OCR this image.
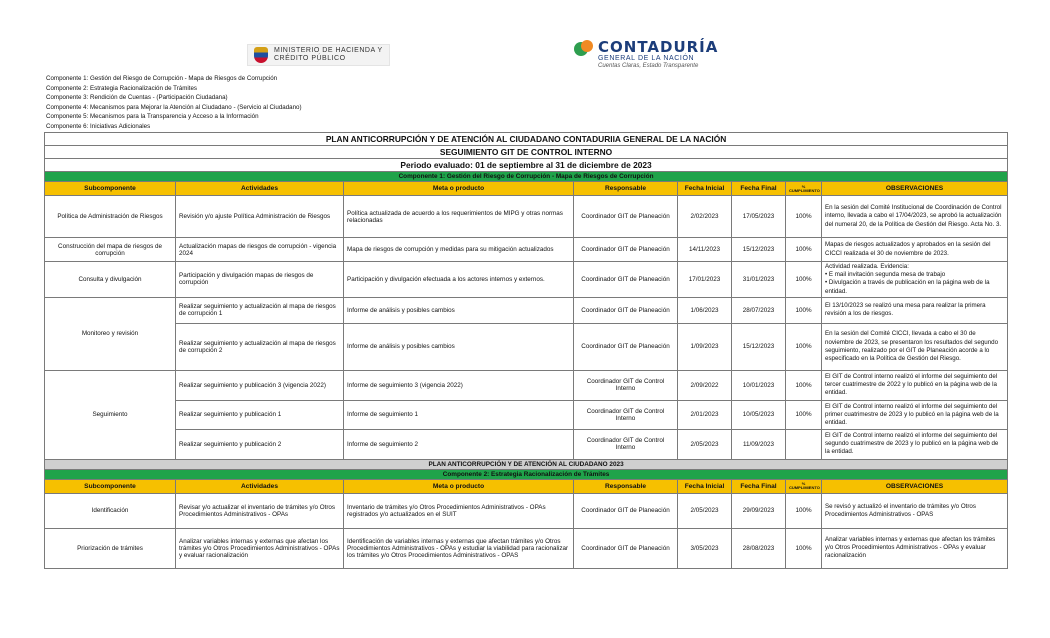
MINISTERIO DE HACIENDA Y
CRÉDITO PÚBLICO
CONTADURÍA
GENERAL DE LA NACIÓN
Cuentas Claras, Estado Transparente
Componente 1: Gestión del Riesgo de Corrupción - Mapa de Riesgos de Corrupción
Componente 2: Estrategia Racionalización de Trámites
Componente 3: Rendición de Cuentas - (Participación Ciudadana)
Componente 4: Mecanismos para Mejorar la Atención al Ciudadano - (Servicio al Ciudadano)
Componente 5: Mecanismos para la Transparencia y Acceso a la Información
Componente 6: Iniciativas Adicionales
PLAN ANTICORRUPCIÓN Y DE ATENCIÓN AL CIUDADANO CONTADURIIA GENERAL DE LA NACIÓN							
SEGUIMIENTO GIT DE CONTROL INTERNO							
Periodo evaluado: 01 de septiembre al 31 de diciembre de 2023							
Componente 1: Gestión del Riesgo de Corrupción - Mapa de Riesgos de Corrupción							
Subcomponente	Actividades	Meta o producto	Responsable	Fecha Inicial	Fecha Final	% CUMPLIMIENTO	OBSERVACIONES
Política de Administración de Riesgos	Revisión y/o ajuste Política Administración de Riesgos	Política actualizada de acuerdo a los requerimientos de MIPG y otras normas relacionadas	Coordinador GIT de Planeación	2/02/2023	17/05/2023	100%	En la sesión del Comité Institucional de Coordinación de Control interno, llevada a cabo el 17/04/2023, se aprobó la actualización del numeral 20, de la Política de Gestión del Riesgo. Acta No. 3.
Construcción del mapa de riesgos de corrupción	Actualización mapas de riesgos de corrupción - vigencia 2024	Mapa de riesgos de corrupción y medidas para su mitigación actualizados	Coordinador GIT de Planeación	14/11/2023	15/12/2023	100%	Mapas de riesgos actualizados y aprobados en la sesión del CICCI realizada el 30 de noviembre de 2023.
Consulta y divulgación	Participación y divulgación mapas de riesgos de corrupción	Participación y divulgación efectuada a los actores internos y externos.	Coordinador GIT de Planeación	17/01/2023	31/01/2023	100%	Actividad realizada. Evidencia:
• E mail invitación segunda mesa de trabajo
• Divulgación a través de publicación en la página web de la entidad.
Monitoreo y revisión	Realizar seguimiento y actualización al mapa de riesgos de corrupción 1	Informe de análisis y posibles cambios	Coordinador GIT de Planeación	1/06/2023	28/07/2023	100%	El 13/10/2023 se realizó una mesa para realizar la primera revisión a los de riesgos.
	Realizar seguimiento y actualización al mapa de riesgos de corrupción 2	Informe de análisis y posibles cambios	Coordinador GIT de Planeación	1/09/2023	15/12/2023	100%	En la sesión del Comité CICCI, llevada a cabo el 30 de noviembre de 2023, se presentaron los resultados del segundo seguimiento, realizado por el GIT de Planeación acorde a lo especificado en la Política de Gestión del Riesgo.
Seguimiento	Realizar seguimiento y publicación 3 (vigencia 2022)	Informe de seguimiento 3 (vigencia 2022)	Coordinador GIT de Control Interno	2/09/2022	10/01/2023	100%	El GIT de Control interno realizó el informe del seguimiento del tercer cuatrimestre de 2022 y lo publicó en la página web de la entidad.
	Realizar seguimiento y publicación 1	Informe de seguimiento 1	Coordinador GIT de Control Interno	2/01/2023	10/05/2023	100%	El GIT de Control interno realizó el informe del seguimiento del primer cuatrimestre de 2023 y lo publicó en la página web de la entidad.
	Realizar seguimiento y publicación 2	Informe de seguimiento 2	Coordinador GIT de Control Interno	2/05/2023	11/09/2023		El GIT de Control interno realizó el informe del seguimiento del segundo cuatrimestre de 2023 y lo publicó en la página web de la entidad.
PLAN ANTICORRUPCIÓN Y DE ATENCIÓN AL CIUDADANO 2023							
Componente 2: Estrategia Racionalización de Trámites							
Subcomponente	Actividades	Meta o producto	Responsable	Fecha Inicial	Fecha Final	% CUMPLIMIENTO	OBSERVACIONES
Identificación	Revisar y/o actualizar el inventario de trámites y/o Otros Procedimientos Administrativos - OPAs	Inventario de trámites y/o Otros Procedimientos Administrativos - OPAs registrados y/o actualizados en el SUIT	Coordinador GIT de Planeación	2/05/2023	29/09/2023	100%	Se revisó y actualizó el inventario de trámites y/o Otros Procedimientos Administrativos - OPAS
Priorización de trámites	Analizar variables internas y externas que afectan los trámites y/o Otros Procedimientos Administrativos - OPAs y evaluar racionalización	Identificación de variables internas y externas que afectan trámites y/o Otros Procedimientos Administrativos - OPAs y estudiar la viabilidad para racionalizar los trámites y/o Otros Procedimientos Administrativos - OPAS	Coordinador GIT de Planeación	3/05/2023	28/08/2023	100%	Analizar variables internas y externas que afectan los trámites y/o Otros Procedimientos Administrativos - OPAs y evaluar racionalización
